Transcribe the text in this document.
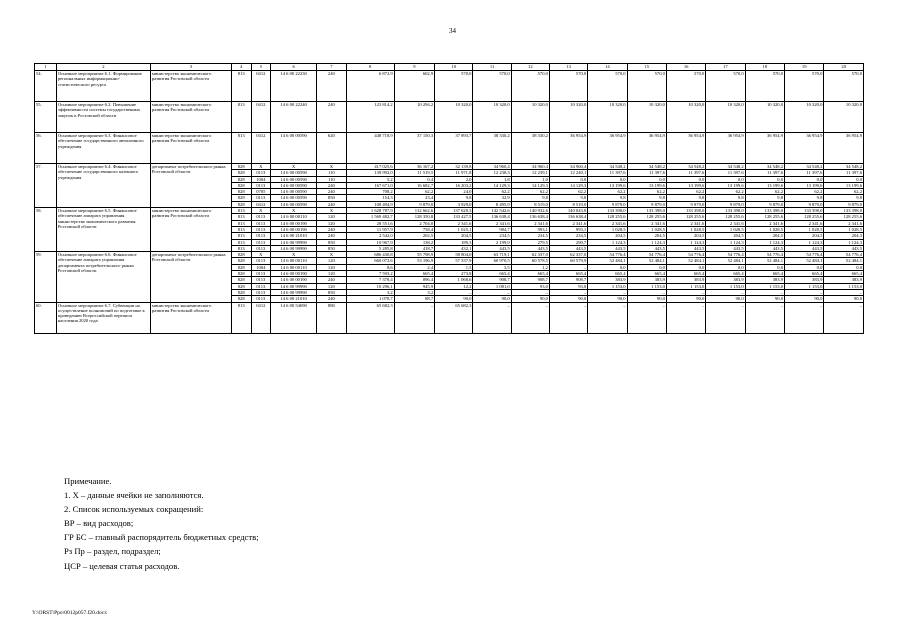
34
1	2	3	4	5	6	7	8	9	10	11	12	13	14	15	16	17	18	19	20
54.	Основное мероприятие 6.1. Формирование региональных информационно-статистического ресурса	министерство экономического развития Ростовской области	813	0412	14 6 00 22230	240	6 872,9	602,9	570,0	570,0	570,0	570,0	570,0	570,0	570,0	570,0	570,0	570,0	570,0
55.	Основное мероприятие 6.2. Повышение эффективности системы государственных закупок в Ростовской области	министерство экономического развития Ростовской области	813	0412	14 6 00 22240	240	123 814,2	10 294,2	10 320,0	10 320,0	10 320,0	10 320,0	10 320,0	10 320,0	10 320,0	10 320,0	10 320,0	10 320,0	10 320,0
56.	Основное мероприятие 6.3. Финансовое обеспечение государственного автономного учреждения	министерство экономического развития Ростовской области	813	0412	14 6 00 00590	620	448 718,9	37 150,3	37 893,7	38 330,2	38 330,2	36 954,9	36 954,9	36 954,9	36 954,9	36 954,9	36 954,9	36 954,9	36 954,9
57.	Основное мероприятие 6.4. Финансовое обеспечение государственного казенного учреждения	департамент потребительского рынка Ростовской области	828	X	X	X	417 025,6	36 167,2	32 139,8	34 960,4	34 960,4	34 960,4	34 548,2	34 548,2	34 548,2	34 548,2	34 548,2	34 548,2	34 548,2
			828	0113	14 6 00 00590	110	139 992,0	11 519,5	11 971,8	12 238,3	12 239,1	12 240,1	11 397,6	11 397,6	11 397,6	11 397,6	11 397,6	11 397,6	11 397,6
			828	1004	14 6 00 00590	110	5,2	0,4	2,0	1,8	1,0	0,0	0,0	0,0	0,0	0,0	0,0	0,0	0,0
			828	0113	14 6 00 00590	240	167 671,0	16 682,7	16 203,2	14 129,3	14 129,3	14 129,3	13 199,6	13 199,6	13 199,6	13 199,6	13 199,6	13 199,6	13 199,6
			828	0705	14 6 00 00590	240	708,2	62,2	24,0	62,2	62,2	62,2	62,2	62,2	62,2	62,2	62,2	62,2	62,2
			828	0113	14 6 00 00590	850	154,3	23,4	9,8	32,9	9,8	9,8	9,8	9,8	9,8	9,8	9,8	9,8	9,8
			828	0412	14 6 00 00590	240	108 494,9	9 879,0	3 929,0	8 495,9	8 519,0	8 519,0	9 879,0	9 879,0	9 879,0	9 879,0	9 879,0	9 879,0	9 879,0
58.	Основное мероприятие 6.5. Финансовое обеспечение аппарата управления министерства экономического развития Ростовской области	министерство экономического развития Ростовской области	813	X	X	X	1 628 787,9	132 662,6	137 620,3	142 542,6	140 932,6	140 043,8	133 398,0	133 398,0	133 398,0	133 398,0	133 398,0	133 398,0	133 398,0
			813	0113	14 6 00 00110	120	1 569 482,7	128 350,8	133 427,5	136 638,4	136 638,4	136 638,4	128 255,6	128 255,6	128 255,6	128 255,6	128 255,6	128 255,6	128 255,6
			813	0113	14 6 00 00190	120	28 551,6	2 704,0	2 341,6	2 341,6	2 341,6	2 341,6	2 341,6	2 341,6	2 341,6	2 341,6	2 341,6	2 341,6	2 341,6
			813	0113	14 6 00 00190	240	11 957,9	758,4	1 025,1	984,7	993,1	993,1	1 028,5	1 028,5	1 028,5	1 028,5	1 028,5	1 028,5	1 028,5
			813	0113	14 6 00 21010	240	2 542,0	202,5	204,5	234,5	234,5	234,5	204,5	204,5	204,5	204,5	204,5	204,5	204,3
			813	0113	14 6 00 99990	850	10 967,9	138,2	189,3	2 199,9	279,5	290,7	1 124,3	1 124,3	1 124,3	1 124,3	1 124,3	1 124,3	1 124,3
			813	0113	14 6 00 99990	850	5 285,8	418,7	432,1	443,5	443,5	443,5	443,5	443,5	443,5	443,5	443,5	443,5	443,5
59.	Основное мероприятие 6.6. Финансовое обеспечение аппарата управления департамента потребительского рынка Ростовской области	департамент потребительского рынка Ростовской области	828	X	X	X	686 430,8	55 798,9	58 804,0	63 719,1	62 337,0	62 337,0	54 776,4	54 776,4	54 776,4	54 776,4	54 776,4	54 776,4	54 776,4
			828	0113	14 6 00 00110	120	660 072,6	53 196,9	57 337,9	60 970,5	60 578,5	60 579,9	52 484,1	52 484,1	52 484,1	52 484,1	52 484,1	52 484,1	52 484,1
			828	1004	14 6 00 00110	120	8,6	2,4	1,5	3,5	1,2	–	0,0	0,0	0,0	0,0	0,0	0,0	0,0
			828	0113	14 6 00 00190	120	7 593,2	665,4	273,8	665,4	665,4	665,4	665,4	665,4	665,4	665,4	665,4	665,4	665,4
			828	0113	14 6 00 00190	240	7 378,4	896,4	1 068,6	908,7	908,7	908,7	383,9	383,9	383,9	383,9	383,9	383,9	383,9
			828	0113	14 6 00 99990	120	10 296,1	945,9	12,2	1 081,0	93,0	93,0	1 153,0	1 153,0	1 153,0	1 153,0	1 153,0	1 153,0	1 153,0
			828	0113	14 6 00 99990	850	3,2	3,2	–	–	–	–	–	–	–	–	–	–	–
			828	0113	14 6 00 21010	240	1 078,7	88,7	90,0	90,0	90,0	90,0	90,0	90,0	90,0	90,0	90,0	90,0	90,0
60.	Основное мероприятие 6.7. Субвенции на осуществление полномочий по подготовке к проведению Всероссийской переписи населения 2020 года	министерство экономического развития Ростовской области	813	0412	14 6 00 54690	880	65 682,3	–	65 682,3	–	–	–	–	–	–	–	–	–	–
Примечание.
1. Х – данные ячейки не заполняются.
2. Список используемых сокращений:
ВР – вид расходов;
ГР БС – главный распорядитель бюджетных средств;
Рз Пр – раздел, подраздел;
ЦСР – целевая статья расходов.
Y:\ORST\Ppo\0012p057.f20.docx
